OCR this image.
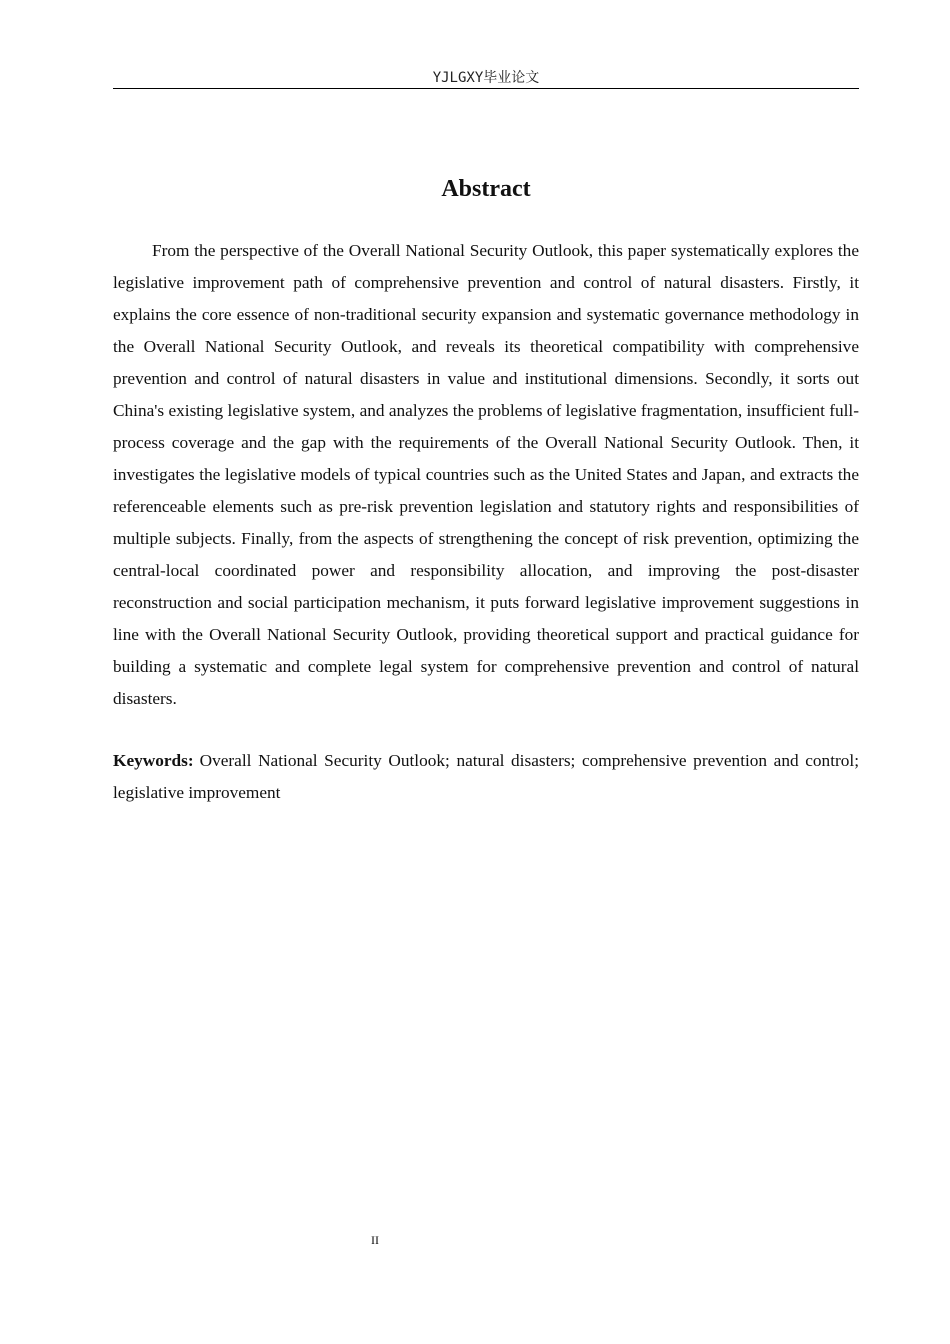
YJLGXY毕业论文
Abstract

From the perspective of the Overall National Security Outlook, this paper systematically explores the legislative improvement path of comprehensive prevention and control of natural disasters. Firstly, it explains the core essence of non-traditional security expansion and systematic governance methodology in the Overall National Security Outlook, and reveals its theoretical compatibility with comprehensive prevention and control of natural disasters in value and institutional dimensions. Secondly, it sorts out China's existing legislative system, and analyzes the problems of legislative fragmentation, insufficient full-process coverage and the gap with the requirements of the Overall National Security Outlook. Then, it investigates the legislative models of typical countries such as the United States and Japan, and extracts the referenceable elements such as pre-risk prevention legislation and statutory rights and responsibilities of multiple subjects. Finally, from the aspects of strengthening the concept of risk prevention, optimizing the central-local coordinated power and responsibility allocation, and improving the post-disaster reconstruction and social participation mechanism, it puts forward legislative improvement suggestions in line with the Overall National Security Outlook, providing theoretical support and practical guidance for building a systematic and complete legal system for comprehensive prevention and control of natural disasters.

Keywords: Overall National Security Outlook; natural disasters; comprehensive prevention and control; legislative improvement

II
